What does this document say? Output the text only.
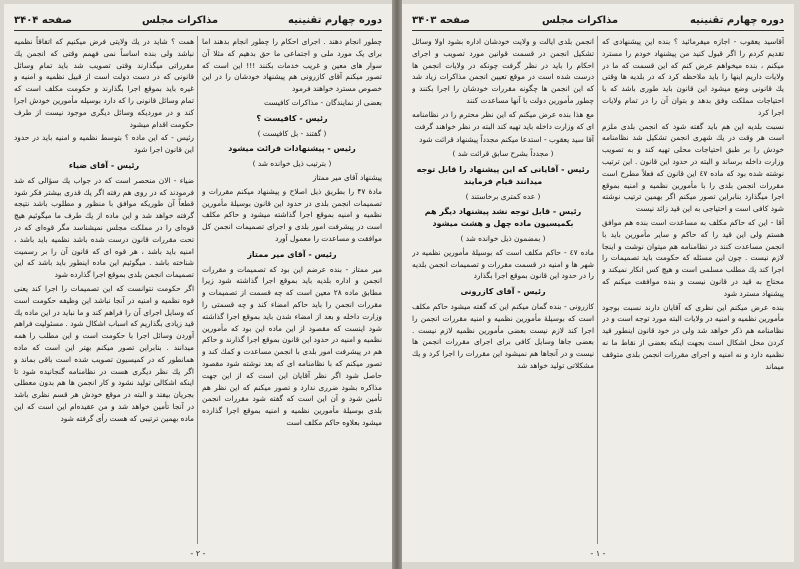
دوره چهارم تقنينيه
مذاكرات مجلس
صفحه ۳۴۰۴

چطور انجام دهند . اجرای احكام را چطور انجام بدهند اما برای یک مورد ملی و اجتماعی ما حق بدهيم كه مثلا آن سوار های معين و غريب خدمات بكنند !!! اين است كه تصور ميكنم آقای كازرونی هم پيشنهاد خودشان را در اين خصوص مسترد خواهند فرمود

بعضی از نمايندگان - مذاكرات كافيست

رئيس - كافيست ؟

( گفتند - بل كافيست )

رئيس - پيشنهادات قرائت ميشود

( بترتيب ذيل خوانده شد )

پيشنهاد آقای مير ممتاز

مادهٔ ۴۷ را بطريق ذيل اصلاح و پيشنهاد ميكنم مقررات و تصميمات انجمن بلدی در حدود اين قانون بوسيلهٔ مأمورين نظميه و امنيه بموقع اجرا گذاشته ميشود و حاكم مكلف است در پيشرفت امور بلدی و اجرای تصميمات انجمن كل موافقت و مساعدت را معمول آورد

رئيس - آقای مير ممتاز

مير ممتاز - بنده عرضم اين بود كه تصميمات و مقررات انجمن و اداره بلديه بايد بموقع اجرا گذاشته شود زيرا مطابق ماده ۲۸ معين است كه چه قسمت از تصميمات و مقررات انجمن را بايد حاكم امضاء كند و چه قسمتی را وزارت داخله و بعد از امضاء شدن بايد بموقع اجرا گذاشته شود اينست كه مقصود از اين ماده اين بود كه مأمورين نظميه و امنيه در حدود اين قانون بموقع اجرا گذارند و حاكم هم در پيشرفت امور بلدی با انجمن مساعدت و كمك كند و تصور ميكنم كه با نظامنامه ای كه بعد نوشته شود مقصود حاصل شود اگر نظر آقايان اين است كه از اين جهت مذاكره بشود ضرری ندارد و تصور ميكنم كه اين نظر هم تأمين شود و آن اين است كه گفته شود مقررات انجمن بلدی بوسيلهٔ مأمورين نظميه و امنيه بموقع اجرا گذارده ميشود بعلاوه حاكم مكلف است

همت ؟ شايد در يك ولايتی فرض ميكنيم كه اتفاقاً نظميه نباشد ولی بنده اساساً نمی فهمم وقتی كه انجمن يك مقرراتی ميگذارند وقتی تصويب شد بايد تمام وسائل قانونی كه در دست دولت است از قبيل نظميه و امنيه و غيره بايد بموقع اجرا بگذارند و حكومت مكلف است كه تمام وسائل قانونی را كه دارد بوسيله مأمورين خودش اجرا كند و در مورديكه وسائل ديگری موجود نيست از طرف حكومت اقدام ميشود

رئيس - كه اين ماده ؟ بتوسط نظميه و امنيه بايد در حدود اين قانون اجرا شود

رئيس - آقای ضياء

ضياء - الان منحصر است كه در جواب يك سؤالی كه شد فرمودند كه در روی هم رفته اگر يك قدری بيشتر فكر شود قطعاً آن طوريكه موافق با منظور و مطلوب باشد نتيجه گرفته خواهد شد و اين ماده از يك طرف ما ميگوئيم هيچ قوه‌ای را در مملكت مجلس نميشناسد مگر قوه‌ای كه در تحت مقررات قانون درست شده باشد نظميه بايد باشد ، امنيه بايد باشد ، هر قوه ای كه قانون آن را بر رسميت شناخته باشد . ميگوئيم اين ماده اينطور بايد باشد كه اين تصميمات انجمن بلدی بموقع اجرا گذارده شود

اگر حكومت نتوانست كه اين تصميمات را اجرا كند يعنی قوه نظميه و امنيه در آنجا نباشد اين وظيفه حكومت است كه وسايل اجرای آن را فراهم كند و ما نبايد در اين ماده يك قيد زيادی بگذاريم كه اسباب اشكال شود . مسئوليت فراهم آوردن وسائل اجرا با حكومت است و اين مطلب را همه ميدانند . بنابراين تصور ميكنم بهتر اين است كه ماده همانطور كه در كميسيون تصويب شده است باقی بماند و اگر يك نظر ديگری هست در نظامنامه گنجانيده شود تا اينكه اشكالی توليد نشود و كار انجمن ها هم بدون معطلی بجريان بيفتد و البته در موقع خودش هر قسم نظری باشد در آنجا تأمين خواهد شد و من عقيده‌ام اين است كه اين ماده بهمين ترتيبی كه هست رأی گرفته شود

- ۲ -
دوره چهارم تقنينيه
مذاكرات مجلس
صفحه ۳۴۰۳

آقاسيد يعقوب - اجازه ميفرمائيد ؟ بنده اين پيشنهادی كه تقديم كردم را اگر قبول كنيد من پيشنهاد خودم را مسترد ميكنم ، بنده ميخواهم عرض كنم كه اين قسمت كه ما در ولايات داريم اينها را بايد ملاحظه كرد كه در بلديه ها وقتی يك قانونی وضع ميشود اين قانون بايد طوری باشد كه با احتياجات مملكت وفق بدهد و بتوان آن را در تمام ولايات اجرا كرد

نسبت بلديه اين هم بايد گفته شود كه انجمن بلدی ملزم است هر وقت در يك شهری انجمن تشكيل شد نظامنامه خودش را بر طبق احتياجات محلی تهيه كند و به تصويب وزارت داخله برساند و البته در حدود اين قانون . اين ترتيب نوشته شده بود كه ماده ٤٧ اين قانون كه فعلاً مطرح است مقررات انجمن بلدی را با مأمورين نظميه و امنيه بموقع اجرا ميگذارد بنابراين تصور ميكنم اگر بهمين ترتيب نوشته شود كافی است و احتياجی به اين قيد زائد نيست

آقا - اين كه حاكم مكلف به مساعدت است بنده هم موافق هستم ولی اين قيد را كه حاكم و ساير مأمورين بايد با انجمن مساعدت كنند در نظامنامه هم ميتوان نوشت و اينجا لازم نيست . چون اين مسئله كه حكومت بايد تصميمات را اجرا كند يك مطلب مسلمی است و هيچ كس انكار نميكند و محتاج به قيد در قانون نيست و بنده موافقت ميكنم كه پيشنهاد مسترد شود

بنده عرض ميكنم اين نظری كه آقايان دارند نسبت بوجود مأمورين نظميه و امنيه در ولايات البته مورد توجه است و در نظامنامه هم ذكر خواهد شد ولی در خود قانون اينطور قيد كردن محل اشكال است بجهت اينكه بعضی از نقاط ما نه نظميه دارد و نه امنيه و اجرای مقررات انجمن بلدی متوقف ميماند

انجمن بلدی ايالت و ولايت خودشان اداره بشود اولا وسائل تشكيل انجمن در قسمت قوانين مورد تصويب و اجرای احكام را بايد در نظر گرفت چونكه در ولايات انجمن ها درست شده است در موقع تعيين انجمن مذاكرات زياد شد كه اين انجمن ها چگونه مقررات خودشان را اجرا بكنند و چطور مأمورين دولت با آنها مساعدت كنند

مع هذا بنده عرض ميكنم كه اين نظر محترم را در نظامنامه ای كه وزارت داخله بايد تهيه كند البته در نظر خواهند گرفت

آقا سيد يعقوب - استدعا ميكنم مجدداً پيشنهاد قرائت شود

( مجدداً بشرح سابق قرائت شد )

رئيس - آقايانی كه اين پيشنهاد را قابل توجه ميدانند قيام فرمايند

( عده كمتری برخاستند )

رئيس - قابل توجه نشد پيشنهاد ديگر هم بكميسيون ماده چهل و هشت ميشود

( بمضمون ذيل خوانده شد )

ماده ٤٧ - حاكم مكلف است كه بوسيلهٔ مأمورين نظميه در شهر ها و امنيه در قسمت مقررات و تصميمات انجمن بلديه را در حدود اين قانون بموقع اجرا بگذارد

رئيس - آقای كازرونی

كازرونی - بنده گمان ميكنم اين كه گفته ميشود حاكم مكلف است كه بوسيلهٔ مأمورين نظميه و امنيه مقررات انجمن را اجرا كند لازم نيست بعضی مأمورين نظميه لازم نيست . بعضی جاها وسايل كافی برای اجرای مقررات انجمن ها نيست و در آنجاها هم نميشود اين مقررات را اجرا كرد و يك مشكلاتی توليد خواهد شد

- ۱ -
